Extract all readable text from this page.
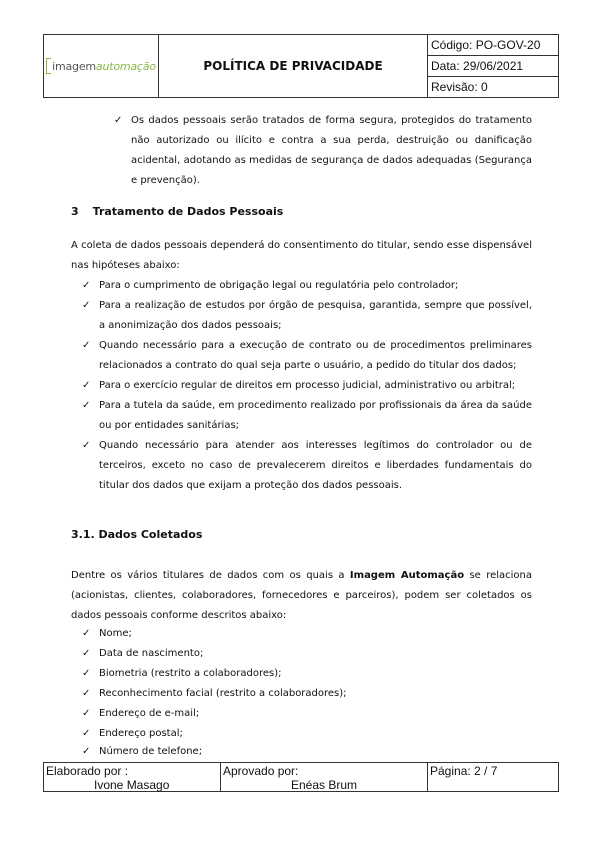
imagem automação	POLÍTICA DE PRIVACIDADE
Código: PO-GOV-20
Data: 29/06/2021
Revisão: 0
✓ Os dados pessoais serão tratados de forma segura, protegidos do tratamento não autorizado ou ilícito e contra a sua perda, destruição ou danificação acidental, adotando as medidas de segurança de dados adequadas (Segurança e prevenção).
3 Tratamento de Dados Pessoais
A coleta de dados pessoais dependerá do consentimento do titular, sendo esse dispensável nas hipóteses abaixo:
✓ Para o cumprimento de obrigação legal ou regulatória pelo controlador;
✓ Para a realização de estudos por órgão de pesquisa, garantida, sempre que possível, a anonimização dos dados pessoais;
✓ Quando necessário para a execução de contrato ou de procedimentos preliminares relacionados a contrato do qual seja parte o usuário, a pedido do titular dos dados;
✓ Para o exercício regular de direitos em processo judicial, administrativo ou arbitral;
✓ Para a tutela da saúde, em procedimento realizado por profissionais da área da saúde ou por entidades sanitárias;
✓ Quando necessário para atender aos interesses legítimos do controlador ou de terceiros, exceto no caso de prevalecerem direitos e liberdades fundamentais do titular dos dados que exijam a proteção dos dados pessoais.
3.1. Dados Coletados
Dentre os vários titulares de dados com os quais a Imagem Automação se relaciona (acionistas, clientes, colaboradores, fornecedores e parceiros), podem ser coletados os dados pessoais conforme descritos abaixo:
✓ Nome;
✓ Data de nascimento;
✓ Biometria (restrito a colaboradores);
✓ Reconhecimento facial (restrito a colaboradores);
✓ Endereço de e-mail;
✓ Endereço postal;
✓ Número de telefone;
Elaborado por :
Ivone Masago
Aprovado por:
Enéas Brum
Página: 2 / 7
